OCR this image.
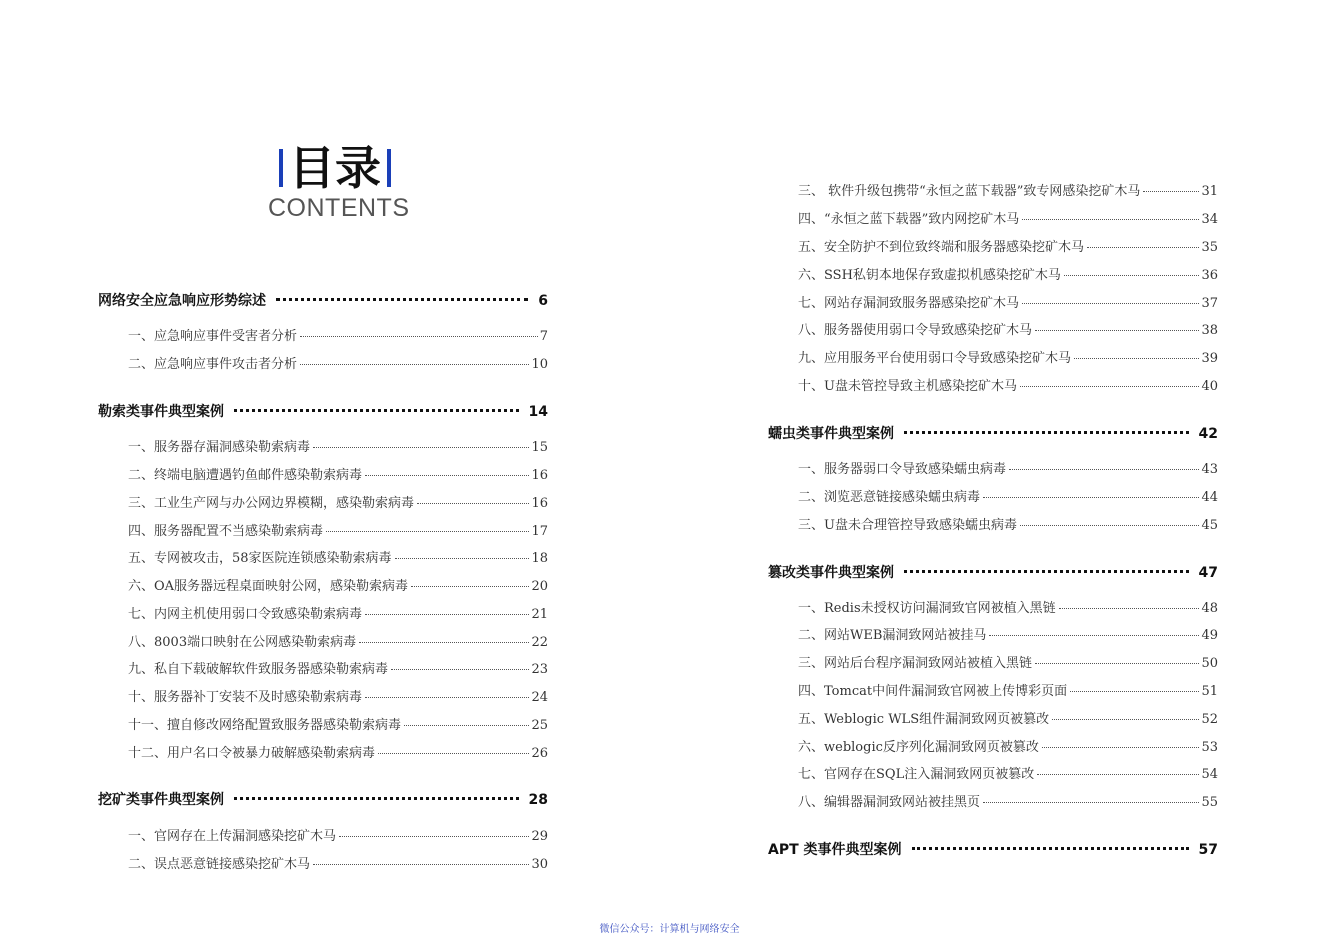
目录
CONTENTS
网络安全应急响应形势综述	6
一、应急响应事件受害者分析	7
二、应急响应事件攻击者分析	10
勒索类事件典型案例	14
一、服务器存漏洞感染勒索病毒	15
二、终端电脑遭遇钓鱼邮件感染勒索病毒	16
三、工业生产网与办公网边界模糊，感染勒索病毒	16
四、服务器配置不当感染勒索病毒	17
五、专网被攻击，58家医院连锁感染勒索病毒	18
六、OA服务器远程桌面映射公网，感染勒索病毒	20
七、内网主机使用弱口令致感染勒索病毒	21
八、8003端口映射在公网感染勒索病毒	22
九、私自下载破解软件致服务器感染勒索病毒	23
十、服务器补丁安装不及时感染勒索病毒	24
十一、擅自修改网络配置致服务器感染勒索病毒	25
十二、用户名口令被暴力破解感染勒索病毒	26
挖矿类事件典型案例	28
一、官网存在上传漏洞感染挖矿木马	29
二、误点恶意链接感染挖矿木马	30
三、 软件升级包携带“永恒之蓝下载器”致专网感染挖矿木马	31
四、“永恒之蓝下载器”致内网挖矿木马	34
五、安全防护不到位致终端和服务器感染挖矿木马	35
六、SSH私钥本地保存致虚拟机感染挖矿木马	36
七、网站存漏洞致服务器感染挖矿木马	37
八、服务器使用弱口令导致感染挖矿木马	38
九、应用服务平台使用弱口令导致感染挖矿木马	39
十、U盘未管控导致主机感染挖矿木马	40
蠕虫类事件典型案例	42
一、服务器弱口令导致感染蠕虫病毒	43
二、浏览恶意链接感染蠕虫病毒	44
三、U盘未合理管控导致感染蠕虫病毒	45
篡改类事件典型案例	47
一、Redis未授权访问漏洞致官网被植入黑链	48
二、网站WEB漏洞致网站被挂马	49
三、网站后台程序漏洞致网站被植入黑链	50
四、Tomcat中间件漏洞致官网被上传博彩页面	51
五、Weblogic WLS组件漏洞致网页被篡改	52
六、weblogic反序列化漏洞致网页被篡改	53
七、官网存在SQL注入漏洞致网页被篡改	54
八、编辑器漏洞致网站被挂黑页	55
APT 类事件典型案例	57
微信公众号：计算机与网络安全
